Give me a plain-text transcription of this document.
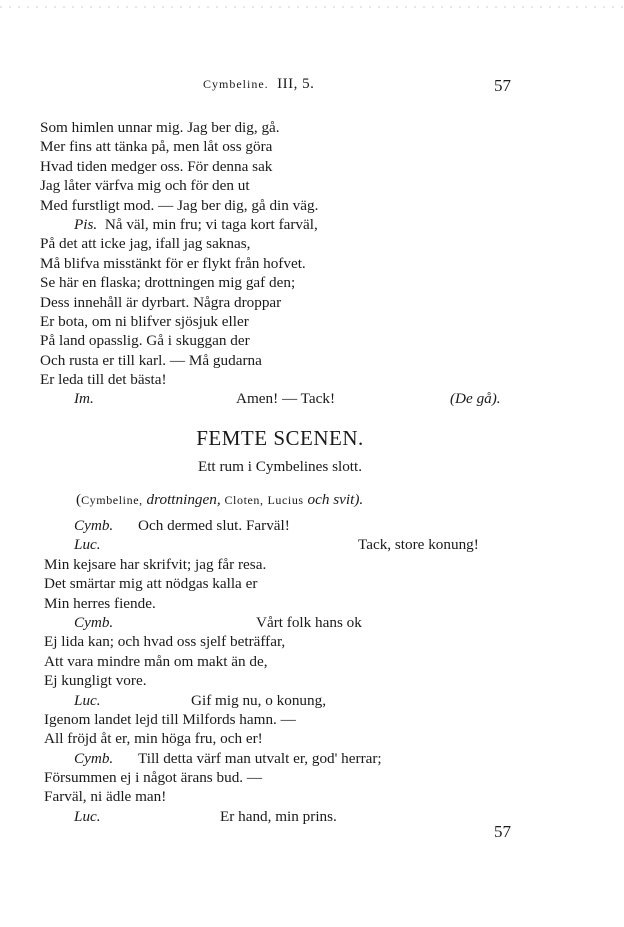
Cymbeline. III, 5.	57
Som himlen unnar mig. Jag ber dig, gå.
Mer fins att tänka på, men låt oss göra
Hvad tiden medger oss. För denna sak
Jag låter värfva mig och för den ut
Med furstligt mod. — Jag ber dig, gå din väg.
Pis. Nå väl, min fru; vi taga kort farväl,
På det att icke jag, ifall jag saknas,
Må blifva misstänkt för er flykt från hofvet.
Se här en flaska; drottningen mig gaf den;
Dess innehåll är dyrbart. Några droppar
Er bota, om ni blifver sjösjuk eller
På land opasslig. Gå i skuggan der
Och rusta er till karl. — Må gudarna
Er leda till det bästa!
Im.	Amen! — Tack!	(De gå).
FEMTE SCENEN.
Ett rum i Cymbelines slott.
(Cymbeline, drottningen, Cloten, Lucius och svit).
Cymb. Och dermed slut. Farväl!
Luc.	Tack, store konung!
Min kejsare har skrifvit; jag får resa.
Det smärtar mig att nödgas kalla er
Min herres fiende.
Cymb.	Vårt folk hans ok
Ej lida kan; och hvad oss sjelf beträffar,
Att vara mindre mån om makt än de,
Ej kungligt vore.
Luc.	Gif mig nu, o konung,
Igenom landet lejd till Milfords hamn. —
All fröjd åt er, min höga fru, och er!
Cymb. Till detta värf man utvalt er, god' herrar;
Försummen ej i något ärans bud. —
Farväl, ni ädle man!
Luc.	Er hand, min prins.
57
